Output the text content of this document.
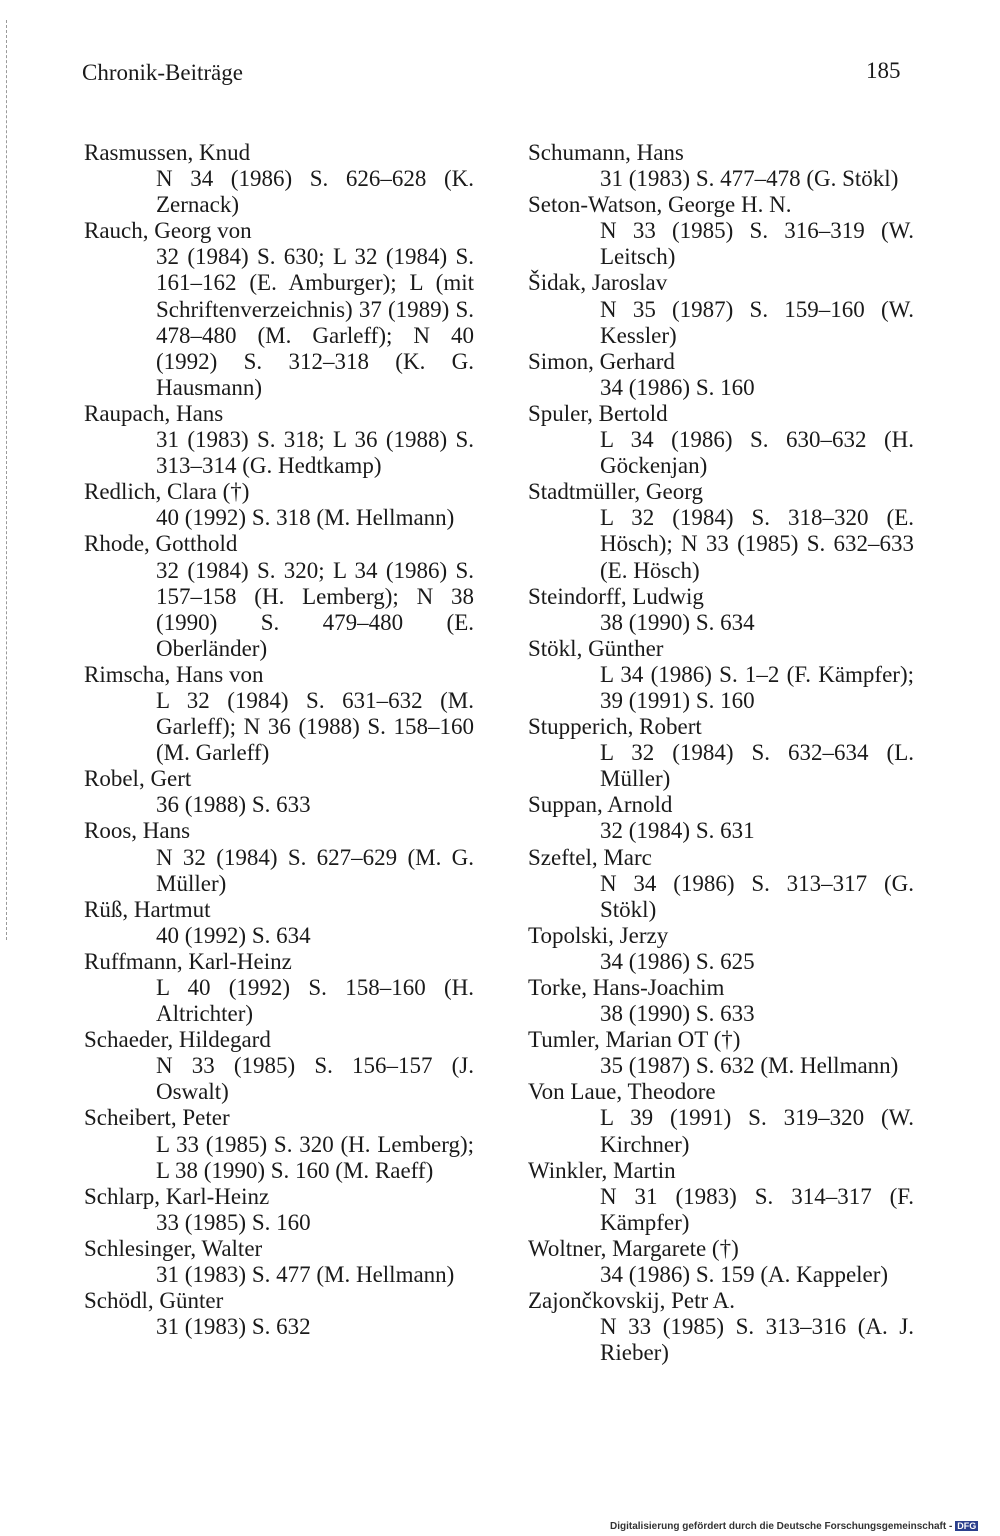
Chronik-Beiträge	185
Rasmussen, Knud
N 34 (1986) S. 626–628 (K. Zernack)
Rauch, Georg von
32 (1984) S. 630; L 32 (1984) S. 161–162 (E. Amburger); L (mit Schriftenverzeichnis) 37 (1989) S. 478–480 (M. Garleff); N 40 (1992) S. 312–318 (K. G. Hausmann)
Raupach, Hans
31 (1983) S. 318; L 36 (1988) S. 313–314 (G. Hedtkamp)
Redlich, Clara (†)
40 (1992) S. 318 (M. Hellmann)
Rhode, Gotthold
32 (1984) S. 320; L 34 (1986) S. 157–158 (H. Lemberg); N 38 (1990) S. 479–480 (E. Oberländer)
Rimscha, Hans von
L 32 (1984) S. 631–632 (M. Garleff); N 36 (1988) S. 158–160 (M. Garleff)
Robel, Gert
36 (1988) S. 633
Roos, Hans
N 32 (1984) S. 627–629 (M. G. Müller)
Rüß, Hartmut
40 (1992) S. 634
Ruffmann, Karl-Heinz
L 40 (1992) S. 158–160 (H. Altrichter)
Schaeder, Hildegard
N 33 (1985) S. 156–157 (J. Oswalt)
Scheibert, Peter
L 33 (1985) S. 320 (H. Lemberg); L 38 (1990) S. 160 (M. Raeff)
Schlarp, Karl-Heinz
33 (1985) S. 160
Schlesinger, Walter
31 (1983) S. 477 (M. Hellmann)
Schödl, Günter
31 (1983) S. 632
Schumann, Hans
31 (1983) S. 477–478 (G. Stökl)
Seton-Watson, George H. N.
N 33 (1985) S. 316–319 (W. Leitsch)
Šidak, Jaroslav
N 35 (1987) S. 159–160 (W. Kessler)
Simon, Gerhard
34 (1986) S. 160
Spuler, Bertold
L 34 (1986) S. 630–632 (H. Göckenjan)
Stadtmüller, Georg
L 32 (1984) S. 318–320 (E. Hösch); N 33 (1985) S. 632–633 (E. Hösch)
Steindorff, Ludwig
38 (1990) S. 634
Stökl, Günther
L 34 (1986) S. 1–2 (F. Kämpfer); 39 (1991) S. 160
Stupperich, Robert
L 32 (1984) S. 632–634 (L. Müller)
Suppan, Arnold
32 (1984) S. 631
Szeftel, Marc
N 34 (1986) S. 313–317 (G. Stökl)
Topolski, Jerzy
34 (1986) S. 625
Torke, Hans-Joachim
38 (1990) S. 633
Tumler, Marian OT (†)
35 (1987) S. 632 (M. Hellmann)
Von Laue, Theodore
L 39 (1991) S. 319–320 (W. Kirchner)
Winkler, Martin
N 31 (1983) S. 314–317 (F. Kämpfer)
Woltner, Margarete (†)
34 (1986) S. 159 (A. Kappeler)
Zajončkovskij, Petr A.
N 33 (1985) S. 313–316 (A. J. Rieber)
Digitalisierung gefördert durch die Deutsche Forschungsgemeinschaft - DFG
